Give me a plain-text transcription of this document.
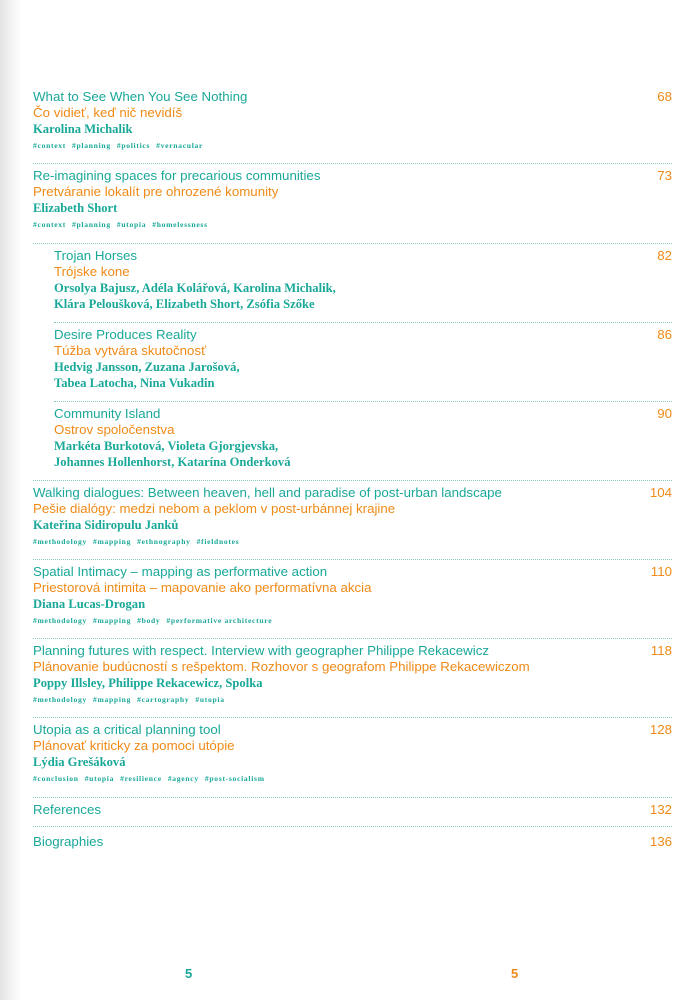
What to See When You See Nothing	68
Čo vidieť, keď nič nevidíš
Karolina Michalik
#context #planning #politics #vernacular
Re-imagining spaces for precarious communities	73
Pretváranie lokalít pre ohrozené komunity
Elizabeth Short
#context #planning #utopia #homelessness
Trojan Horses	82
Trójske kone
Orsolya Bajusz, Adéla Kolářová, Karolina Michalik,
Klára Peloušková, Elizabeth Short, Zsófia Szőke
Desire Produces Reality	86
Túžba vytvára skutočnosť
Hedvig Jansson, Zuzana Jarošová,
Tabea Latocha, Nina Vukadin
Community Island	90
Ostrov spoločenstva
Markéta Burkotová, Violeta Gjorgjevska,
Johannes Hollenhorst, Katarína Onderková
Walking dialogues: Between heaven, hell and paradise of post-urban landscape	104
Pešie dialógy: medzi nebom a peklom v post-urbánnej krajine
Kateřina Sidiropulu Janků
#methodology #mapping #ethnography #fieldnotes
Spatial Intimacy – mapping as performative action	110
Priestorová intimita – mapovanie ako performatívna akcia
Diana Lucas-Drogan
#methodology #mapping #body #performative architecture
Planning futures with respect. Interview with geographer Philippe Rekacewicz	118
Plánovanie budúcností s rešpektom. Rozhovor s geografom Philippe Rekacewiczom
Poppy Illsley, Philippe Rekacewicz, Spolka
#methodology #mapping #cartography #utopia
Utopia as a critical planning tool	128
Plánovať kriticky za pomoci utópie
Lýdia Grešáková
#conclusion #utopia #resilience #agency #post-socialism
References	132
Biographies	136
5	5
